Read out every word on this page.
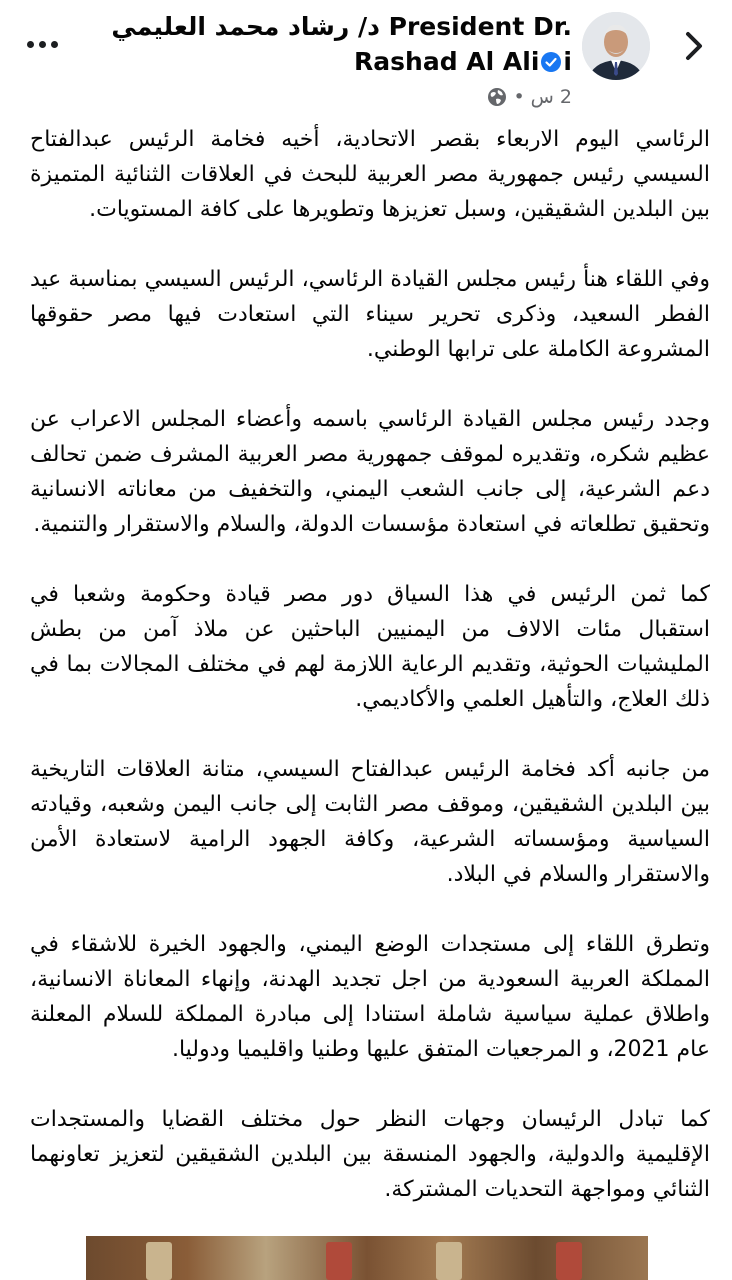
د/ رشاد محمد العليمي President Dr.
Rashad Al Ali i
2 س
•

الرئاسي اليوم الاربعاء بقصر الاتحادية، أخيه فخامة الرئيس عبدالفتاح السيسي رئيس جمهورية مصر العربية للبحث في العلاقات الثنائية المتميزة بين البلدين الشقيقين، وسبل تعزيزها وتطويرها على كافة المستويات.

وفي اللقاء هنأ رئيس مجلس القيادة الرئاسي، الرئيس السيسي بمناسبة عيد الفطر السعيد، وذكرى تحرير سيناء التي استعادت فيها مصر حقوقها المشروعة الكاملة على ترابها الوطني.

وجدد رئيس مجلس القيادة الرئاسي باسمه وأعضاء المجلس الاعراب عن عظيم شكره، وتقديره لموقف جمهورية مصر العربية المشرف ضمن تحالف دعم الشرعية، إلى جانب الشعب اليمني، والتخفيف من معاناته الانسانية وتحقيق تطلعاته في استعادة مؤسسات الدولة، والسلام والاستقرار والتنمية.

كما ثمن الرئيس في هذا السياق دور مصر قيادة وحكومة وشعبا في استقبال مئات الالاف من اليمنيين الباحثين عن ملاذ آمن من بطش المليشيات الحوثية، وتقديم الرعاية اللازمة لهم في مختلف المجالات بما في ذلك العلاج، والتأهيل العلمي والأكاديمي.

من جانبه أكد فخامة الرئيس عبدالفتاح السيسي، متانة العلاقات التاريخية بين البلدين الشقيقين، وموقف مصر الثابت إلى جانب اليمن وشعبه، وقيادته السياسية ومؤسساته الشرعية، وكافة الجهود الرامية لاستعادة الأمن والاستقرار والسلام في البلاد.

وتطرق اللقاء إلى مستجدات الوضع اليمني، والجهود الخيرة للاشقاء في المملكة العربية السعودية من اجل تجديد الهدنة، وإنهاء المعاناة الانسانية، واطلاق عملية سياسية شاملة استنادا إلى مبادرة المملكة للسلام المعلنة عام 2021، و المرجعيات المتفق عليها وطنيا واقليميا ودوليا.

كما تبادل الرئيسان وجهات النظر حول مختلف القضايا والمستجدات الإقليمية والدولية، والجهود المنسقة بين البلدين الشقيقين لتعزيز تعاونهما الثنائي ومواجهة التحديات المشتركة.
